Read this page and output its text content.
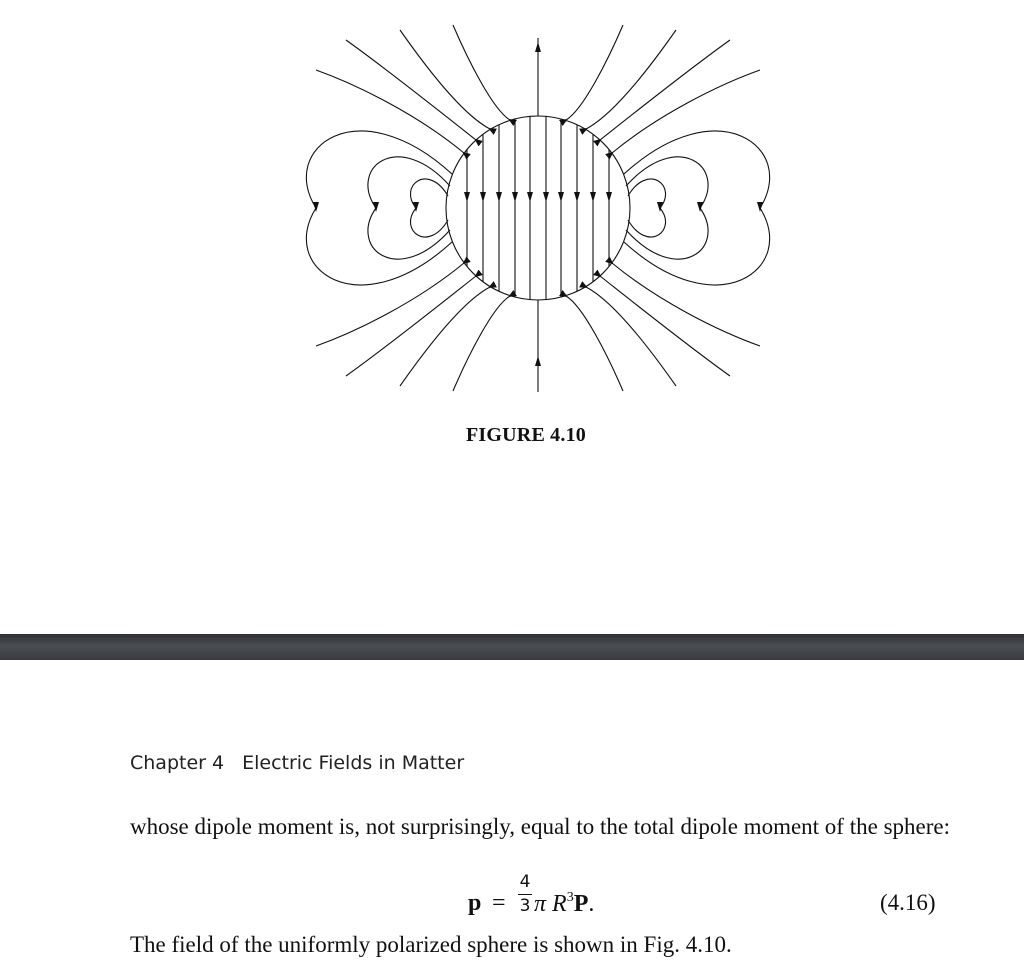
FIGURE 4.10
Chapter 4 Electric Fields in Matter
whose dipole moment is, not surprisingly, equal to the total dipole moment of the sphere:
p =
4
3 π $R^3P$.	(4.16)
The field of the uniformly polarized sphere is shown in Fig. 4.10.
